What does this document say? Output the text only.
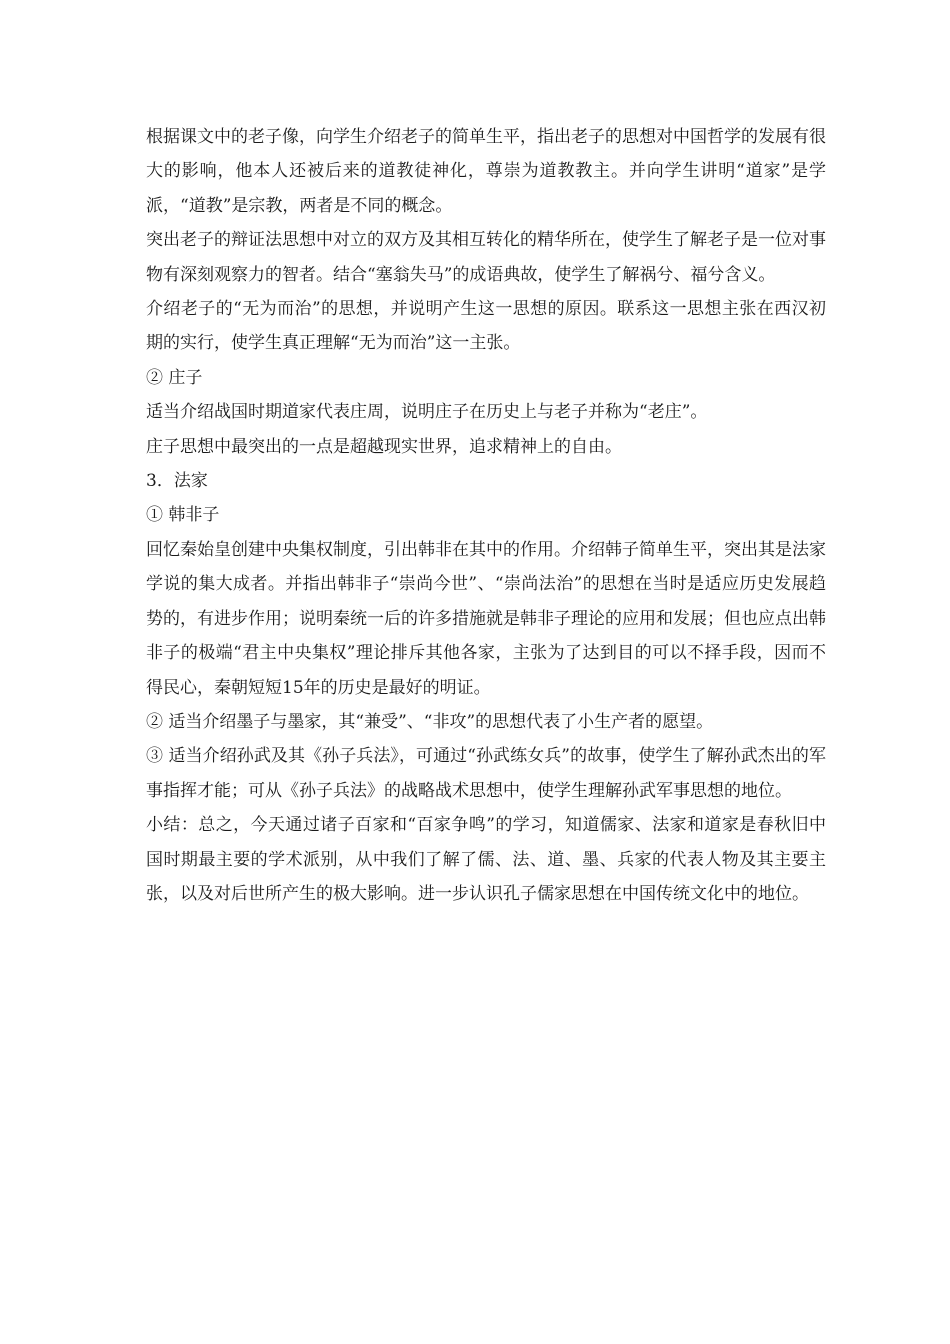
根据课文中的老子像，向学生介绍老子的简单生平，指出老子的思想对中国哲学的发展有很大的影响，他本人还被后来的道教徒神化，尊崇为道教教主。并向学生讲明“道家”是学派，“道教”是宗教，两者是不同的概念。

突出老子的辩证法思想中对立的双方及其相互转化的精华所在，使学生了解老子是一位对事物有深刻观察力的智者。结合“塞翁失马”的成语典故，使学生了解祸兮、福兮含义。

介绍老子的“无为而治”的思想，并说明产生这一思想的原因。联系这一思想主张在西汉初期的实行，使学生真正理解“无为而治”这一主张。

② 庄子

适当介绍战国时期道家代表庄周，说明庄子在历史上与老子并称为“老庄”。

庄子思想中最突出的一点是超越现实世界，追求精神上的自由。

3．法家

① 韩非子

回忆秦始皇创建中央集权制度，引出韩非在其中的作用。介绍韩子简单生平，突出其是法家学说的集大成者。并指出韩非子“崇尚今世”、“崇尚法治”的思想在当时是适应历史发展趋势的，有进步作用；说明秦统一后的许多措施就是韩非子理论的应用和发展；但也应点出韩非子的极端“君主中央集权”理论排斥其他各家，主张为了达到目的可以不择手段，因而不得民心，秦朝短短15年的历史是最好的明证。

② 适当介绍墨子与墨家，其“兼受”、“非攻”的思想代表了小生产者的愿望。

③ 适当介绍孙武及其《孙子兵法》，可通过“孙武练女兵”的故事，使学生了解孙武杰出的军事指挥才能；可从《孙子兵法》的战略战术思想中，使学生理解孙武军事思想的地位。

小结：总之，今天通过诸子百家和“百家争鸣”的学习，知道儒家、法家和道家是春秋旧中国时期最主要的学术派别，从中我们了解了儒、法、道、墨、兵家的代表人物及其主要主张，以及对后世所产生的极大影响。进一步认识孔子儒家思想在中国传统文化中的地位。
